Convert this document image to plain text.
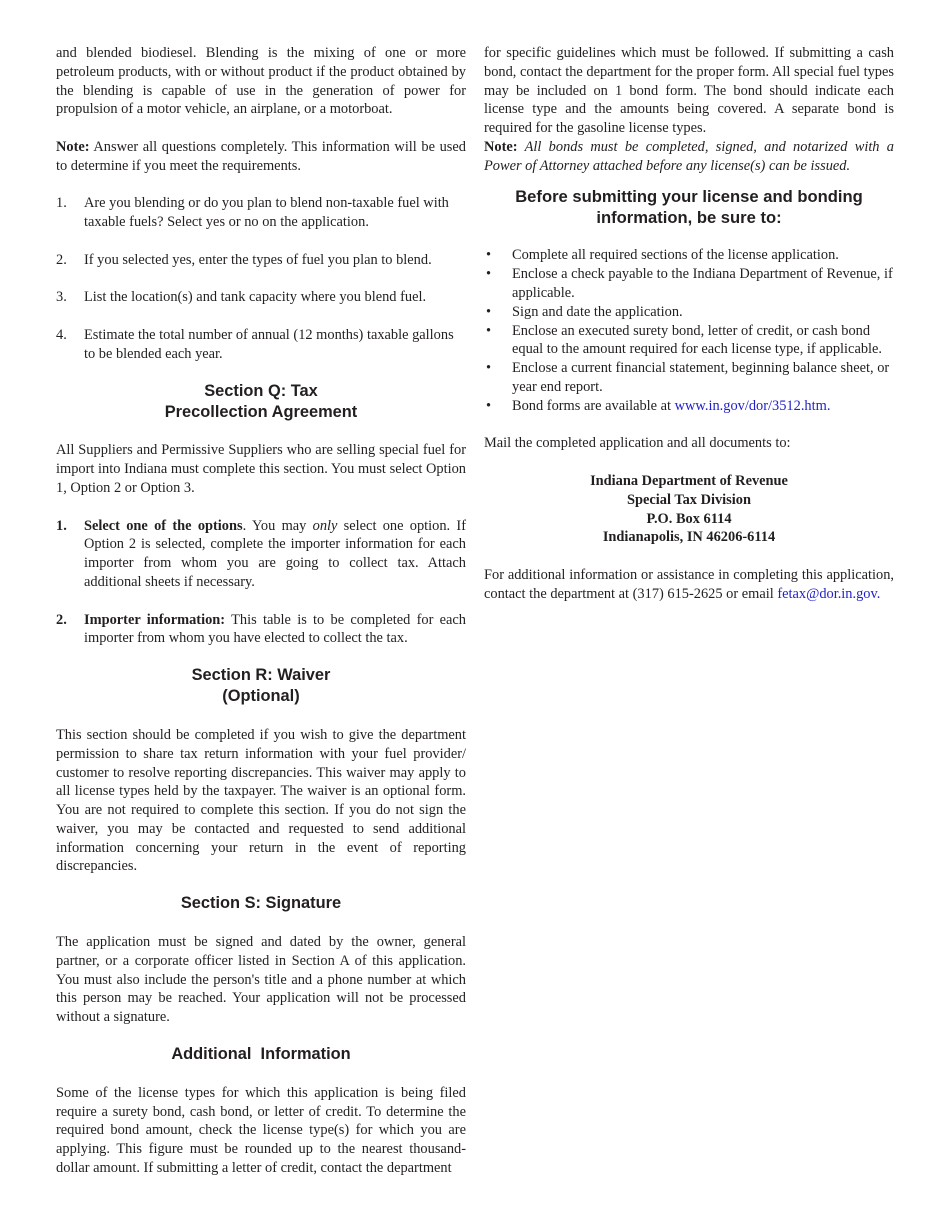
and blended biodiesel. Blending is the mixing of one or more petroleum products, with or without product if the product obtained by the blending is capable of use in the generation of power for propulsion of a motor vehicle, an airplane, or a motorboat.

Note: Answer all questions completely. This information will be used to determine if you meet the requirements.

1. Are you blending or do you plan to blend non-taxable fuel with taxable fuels? Select yes or no on the application.

2. If you selected yes, enter the types of fuel you plan to blend.

3. List the location(s) and tank capacity where you blend fuel.

4. Estimate the total number of annual (12 months) taxable gallons to be blended each year.

Section Q: Tax
Precollection Agreement

All Suppliers and Permissive Suppliers who are selling special fuel for import into Indiana must complete this section. You must select Option 1, Option 2 or Option 3.

1. Select one of the options. You may only select one option. If Option 2 is selected, complete the importer information for each importer from whom you are going to collect tax. Attach additional sheets if necessary.

2. Importer information: This table is to be completed for each importer from whom you have elected to collect the tax.

Section R: Waiver
(Optional)

This section should be completed if you wish to give the department permission to share tax return information with your fuel provider/ customer to resolve reporting discrepancies. This waiver may apply to all license types held by the taxpayer. The waiver is an optional form. You are not required to complete this section. If you do not sign the waiver, you may be contacted and requested to send additional information concerning your return in the event of reporting discrepancies.

Section S: Signature

The application must be signed and dated by the owner, general partner, or a corporate officer listed in Section A of this application. You must also include the person's title and a phone number at which this person may be reached. Your application will not be processed without a signature.

Additional  Information

Some of the license types for which this application is being filed require a surety bond, cash bond, or letter of credit. To determine the required bond amount, check the license type(s) for which you are applying. This figure must be rounded up to the nearest thousand-dollar amount. If submitting a letter of credit, contact the department

for specific guidelines which must be followed. If submitting a cash bond, contact the department for the proper form. All special fuel types may be included on 1 bond form. The bond should indicate each license type and the amounts being covered. A separate bond is required for the gasoline license types.

Note: All bonds must be completed, signed, and notarized with a Power of Attorney attached before any license(s) can be issued.

Before submitting your license and bonding
information, be sure to:

• Complete all required sections of the license application.

• Enclose a check payable to the Indiana Department of Revenue, if applicable.

• Sign and date the application.

• Enclose an executed surety bond, letter of credit, or cash bond equal to the amount required for each license type, if applicable.

• Enclose a current financial statement, beginning balance sheet, or year end report.

• Bond forms are available at www.in.gov/dor/3512.htm.

Mail the completed application and all documents to:

Indiana Department of Revenue
Special Tax Division
P.O. Box 6114
Indianapolis, IN 46206-6114

For additional information or assistance in completing this application, contact the department at (317) 615-2625 or email fetax@dor.in.gov.
